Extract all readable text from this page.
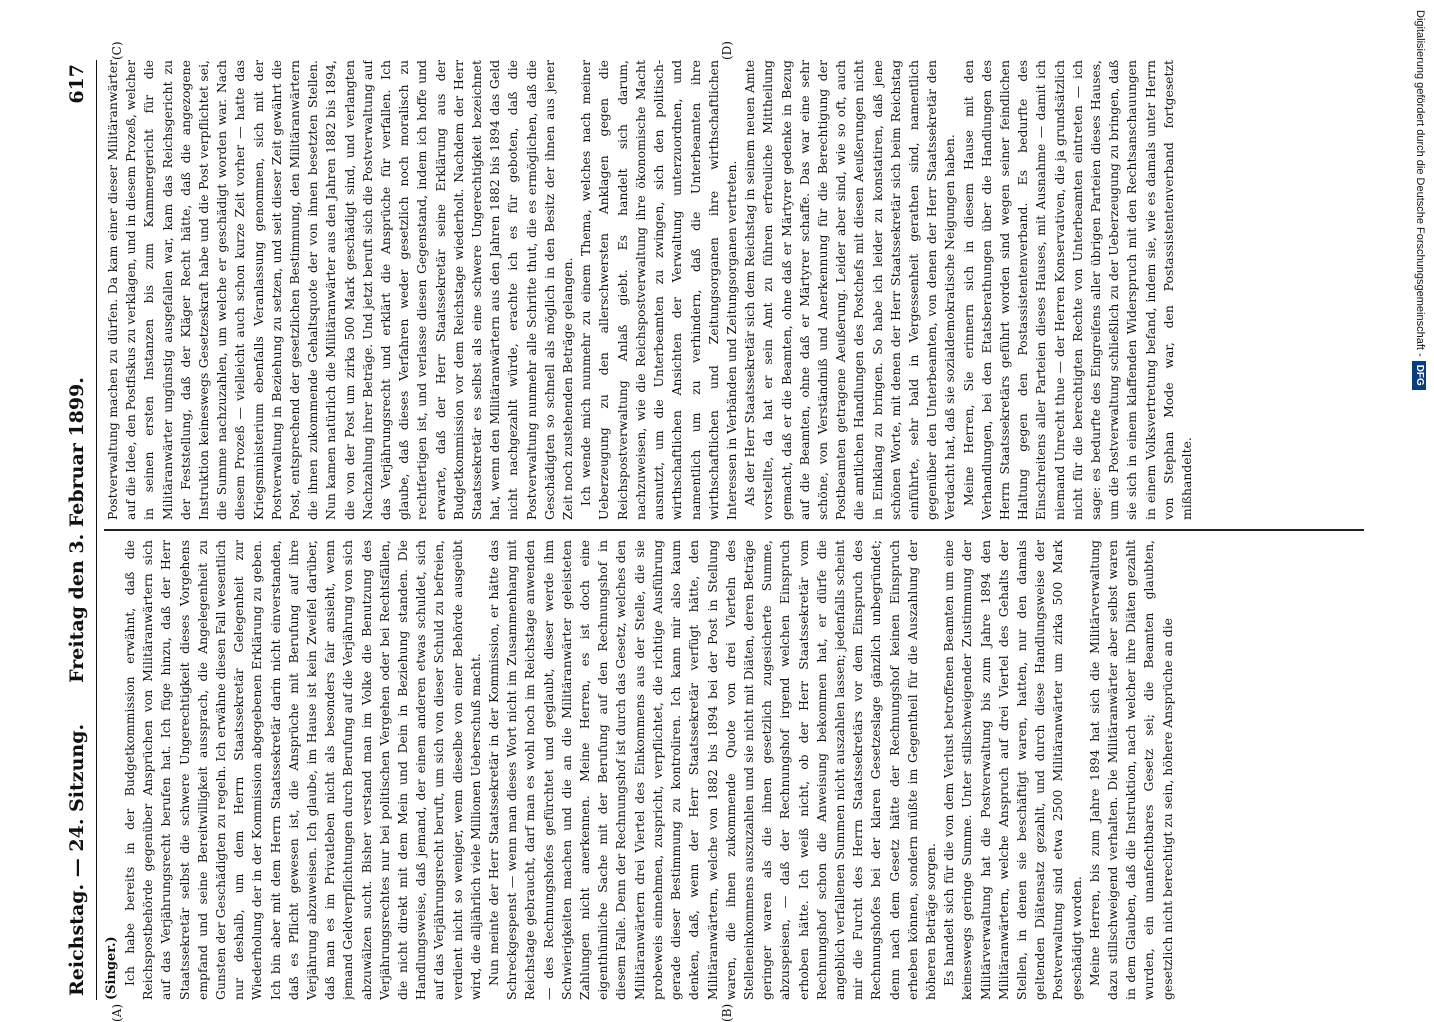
Reichstag. — 24. Sitzung.
Freitag den 3. Februar 1899.
617

(Singer.) Ich habe bereits in der Budgetkommission erwähnt, daß die Reichspostbehörde gegenüber Ansprüchen von Militäranwärtern sich auf das Verjährungsrecht berufen hat. Ich füge hinzu, daß der Herr Staatssekretär selbst die schwere Ungerechtigkeit dieses Vorgehens empfand und seine Bereitwilligkeit aussprach, die Angelegenheit zu Gunsten der Geschädigten zu regeln. Ich erwähne diesen Fall wesentlich nur deshalb, um dem Herrn Staatssekretär Gelegenheit zur Wiederholung der in der Kommission abgegebenen Erklärung zu geben. Ich bin aber mit dem Herrn Staatssekretär darin nicht einverstanden, daß es Pflicht gewesen ist, die Ansprüche mit Berufung auf ihre Verjährung abzuweisen. Ich glaube, im Hause ist kein Zweifel darüber, daß man es im Privatleben nicht als besonders fair ansieht, wenn jemand Geldverpflichtungen durch Berufung auf die Verjährung von sich abzuwälzen sucht. Bisher verstand man im Volke die Benutzung des Verjährungsrechtes nur bei politischen Vergehen oder bei Rechtsfällen, die nicht direkt mit dem Mein und Dein in Beziehung standen. Die Handlungsweise, daß jemand, der einem anderen etwas schuldet, sich auf das Verjährungsrecht beruft, um sich von dieser Schuld zu befreien, verdient nicht so weniger, wenn dieselbe von einer Behörde ausgeübt wird, die alljährlich viele Millionen Ueberschuß macht. Nun meinte der Herr Staatssekretär in der Kommission, er hätte das Schreckgespenst — wenn man dieses Wort nicht im Zusammenhang mit Reichstage gebraucht, darf man es wohl noch im Reichstage anwenden — des Rechnungshofes gefürchtet und geglaubt, dieser werde ihm Schwierigkeiten machen und die an die Militäranwärter geleisteten Zahlungen nicht anerkennen. Meine Herren, es ist doch eine eigenthümliche Sache mit der Berufung auf den Rechnungshof in diesem Falle. Denn der Rechnungshof ist durch das Gesetz, welches den Militäranwärtern drei Viertel des Einkommens aus der Stelle, die sie probeweis einnehmen, zuspricht, verpflichtet, die richtige Ausführung gerade dieser Bestimmung zu kontroliren. Ich kann mir also kaum denken, daß, wenn der Herr Staatssekretär verfügt hätte, den Militäranwärtern, welche von 1882 bis 1894 bei der Post in Stellung waren, die ihnen zukommende Quote von drei Vierteln des Stelleneinkommens auszuzahlen und sie nicht mit Diäten, deren Beträge geringer waren als die ihnen gesetzlich zugesicherte Summe, abzuspeisen, — daß der Rechnungshof irgend welchen Einspruch erhoben hätte. Ich weiß nicht, ob der Herr Staatssekretär vom Rechnungshof schon die Anweisung bekommen hat, er dürfe die angeblich verfallenen Summen nicht auszahlen lassen; jedenfalls scheint mir die Furcht des Herrn Staatssekretärs vor dem Einspruch des Rechnungshofes bei der klaren Gesetzeslage gänzlich unbegründet; denn nach dem Gesetz hätte der Rechnungshof keinen Einspruch erheben können, sondern müßte im Gegentheil für die Auszahlung der höheren Beträge sorgen. Es handelt sich für die von dem Verlust betroffenen Beamten um eine keineswegs geringe Summe. Unter stillschweigender Zustimmung der Militärverwaltung hat die Postverwaltung bis zum Jahre 1894 den Militäranwärtern, welche Anspruch auf drei Viertel des Gehalts der Stellen, in denen sie beschäftigt waren, hatten, nur den damals geltenden Diätensatz gezahlt, und durch diese Handlungsweise der Postverwaltung sind etwa 2500 Militäranwärter um zirka 500 Mark geschädigt worden. Meine Herren, bis zum Jahre 1894 hat sich die Militärverwaltung dazu stillschweigend verhalten. Die Militäranwärter aber selbst waren in dem Glauben, daß die Instruktion, nach welcher ihre Diäten gezahlt wurden, ein unanfechtbares Gesetz sei; die Beamten glaubten, gesetzlich nicht berechtigt zu sein, höhere Ansprüche an die

Postverwaltung machen zu dürfen. Da kam einer dieser Militäranwärter auf die Idee, den Postfiskus zu verklagen, und in diesem Prozeß, welcher in seinen ersten Instanzen bis zum Kammergericht für die Militäranwärter ungünstig ausgefallen war, kam das Reichsgericht zu der Feststellung, daß der Kläger Recht hätte, daß die angezogene Instruktion keineswegs Gesetzeskraft habe und die Post verpflichtet sei, die Summe nachzuzahlen, um welche er geschädigt worden war. Nach diesem Prozeß — vielleicht auch schon kurze Zeit vorher — hatte das Kriegsministerium ebenfalls Veranlassung genommen, sich mit der Postverwaltung in Beziehung zu setzen, und seit dieser Zeit gewährt die Post, entsprechend der gesetzlichen Bestimmung, den Militäranwärtern die ihnen zukommende Gehaltsquote der von ihnen besetzten Stellen. Nun kamen natürlich die Militäranwärter aus den Jahren 1882 bis 1894, die von der Post um zirka 500 Mark geschädigt sind, und verlangten Nachzahlung ihrer Beträge. Und jetzt beruft sich die Postverwaltung auf das Verjährungsrecht und erklärt die Ansprüche für verfallen. Ich glaube, daß dieses Verfahren weder gesetzlich noch moralisch zu rechtfertigen ist, und verlasse diesen Gegenstand, indem ich hoffe und erwarte, daß der Herr Staatssekretär seine Erklärung aus der Budgetkommission vor dem Reichstage wiederholt. Nachdem der Herr Staatssekretär es selbst als eine schwere Ungerechtigkeit bezeichnet hat, wenn den Militäranwärtern aus den Jahren 1882 bis 1894 das Geld nicht nachgezahlt würde, erachte ich es für geboten, daß die Postverwaltung nunmehr alle Schritte thut, die es ermöglichen, daß die Geschädigten so schnell als möglich in den Besitz der ihnen aus jener Zeit noch zustehenden Beträge gelangen. Ich wende mich nunmehr zu einem Thema, welches nach meiner Ueberzeugung zu den allerschwersten Anklagen gegen die Reichspostverwaltung Anlaß giebt. Es handelt sich darum, nachzuweisen, wie die Reichspostverwaltung ihre ökonomische Macht ausnutzt, um die Unterbeamten zu zwingen, sich den politisch-wirthschaftlichen Ansichten der Verwaltung unterzuordnen, und namentlich um zu verhindern, daß die Unterbeamten ihre wirthschaftlichen und Zeitungsorganen ihre wirthschaftlichen Interessen in Verbänden und Zeitungsorganen vertreten. Als der Herr Staatssekretär sich dem Reichstag in seinem neuen Amte vorstellte, da hat er sein Amt zu führen erfreuliche Mittheilung gemacht, daß er die Beamten, ohne daß er Märtyrer gedenke in Bezug auf die Beamten, ohne daß er Märtyrer schaffe. Das war eine sehr schöne, von Verständniß und Anerkennung für die Berechtigung der Postbeamten getragene Aeußerung. Leider aber sind, wie so oft, auch die amtlichen Handlungen des Postchefs mit diesen Aeußerungen nicht in Einklang zu bringen. So habe ich leider zu konstatiren, daß jene schönen Worte, mit denen der Herr Staatssekretär sich beim Reichstag einführte, sehr bald in Vergessenheit gerathen sind, namentlich gegenüber den Unterbeamten, von denen der Herr Staatssekretär den Verdacht hat, daß sie sozialdemokratische Neigungen haben. Meine Herren, Sie erinnern sich in diesem Hause mit den Verhandlungen, bei den Etatsberathungen über die Handlungen des Herrn Staatssekretärs geführt worden sind wegen seiner feindlichen Haltung gegen den Postassistentenverband. Es bedurfte des Einschreitens aller Parteien dieses Hauses, mit Ausnahme — damit ich niemand Unrecht thue — der Herren Konservativen, die ja grundsätzlich nicht für die berechtigten Rechte von Unterbeamten eintreten — ich sage: es bedurfte des Eingreifens aller übrigen Parteien dieses Hauses, um die Postverwaltung schließlich zu der Ueberzeugung zu bringen, daß sie sich in einem klaffenden Widerspruch mit den Rechtsanschauungen in einem Volksvertretung befand, indem sie, wie es damals unter Herrn von Stephan Mode war, den Postassistentenverband fortgesetzt mißhandelte.

(A)	(B)
(C)	(D)	Digitalisierung gefördert durch die Deutsche Forschungsgemeinschaft -DFG
